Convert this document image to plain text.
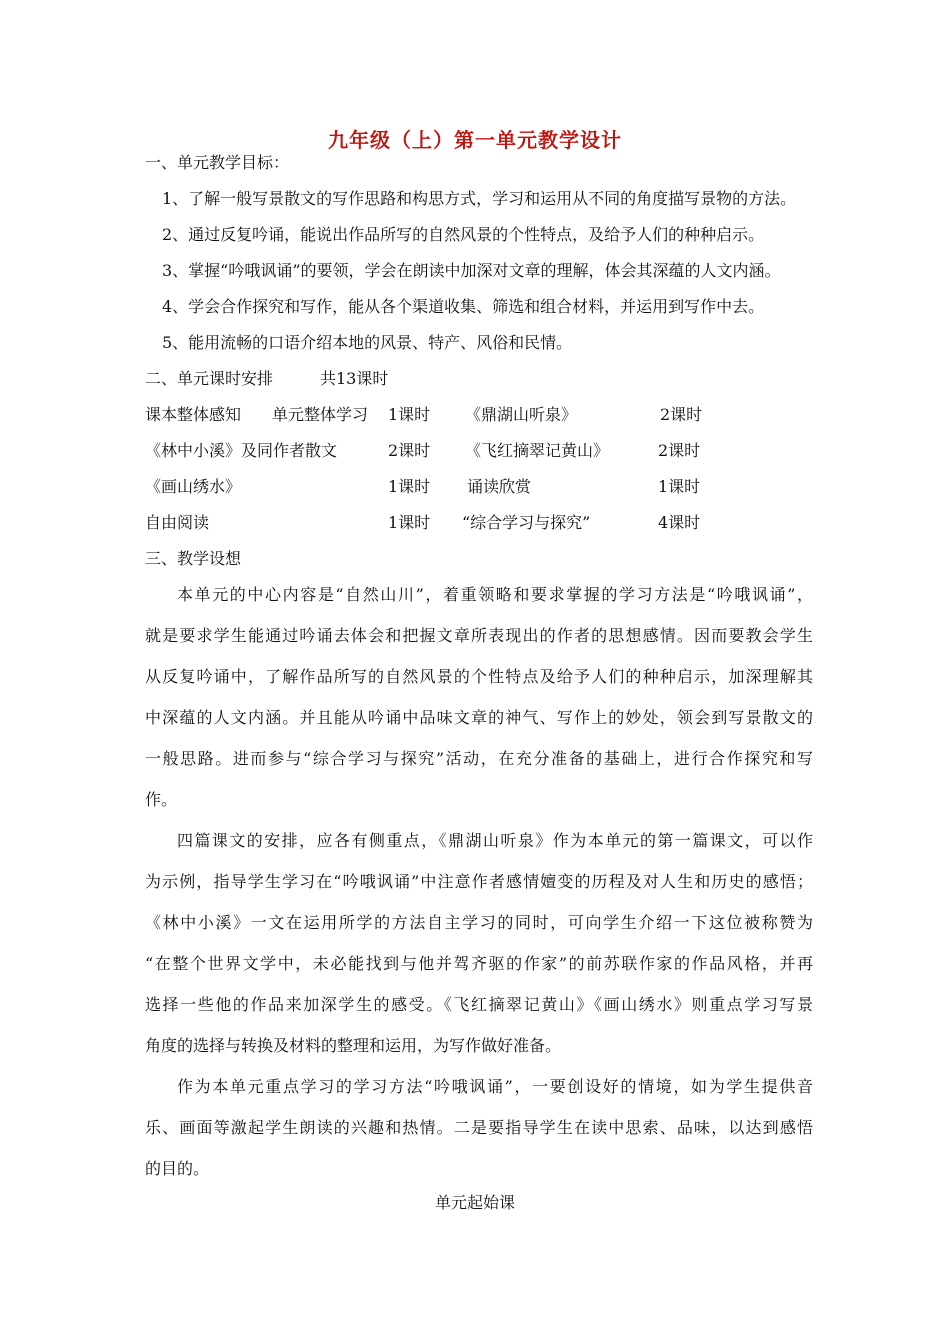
九年级（上）第一单元教学设计
一、单元教学目标：
1、了解一般写景散文的写作思路和构思方式，学习和运用从不同的角度描写景物的方法。
2、通过反复吟诵，能说出作品所写的自然风景的个性特点，及给予人们的种种启示。
3、掌握“吟哦讽诵”的要领，学会在朗读中加深对文章的理解，体会其深蕴的人文内涵。
4、学会合作探究和写作，能从各个渠道收集、筛选和组合材料，并运用到写作中去。
5、能用流畅的口语介绍本地的风景、特产、风俗和民情。
二、单元课时安排	共13课时
课本整体感知 单元整体学习 1课时 《鼎湖山听泉》	2课时
《林中小溪》及同作者散文	2课时 《飞红摘翠记黄山》	2课时
《画山绣水》	1课时 诵读欣赏	1课时
自由阅读	1课时 “综合学习与探究”	4课时
三、教学设想
本单元的中心内容是“自然山川”，着重领略和要求掌握的学习方法是“吟哦讽诵”，
就是要求学生能通过吟诵去体会和把握文章所表现出的作者的思想感情。因而要教会学生
从反复吟诵中，了解作品所写的自然风景的个性特点及给予人们的种种启示，加深理解其
中深蕴的人文内涵。并且能从吟诵中品味文章的神气、写作上的妙处，领会到写景散文的
一般思路。进而参与“综合学习与探究”活动，在充分准备的基础上，进行合作探究和写
作。
四篇课文的安排，应各有侧重点，《鼎湖山听泉》作为本单元的第一篇课文，可以作
为示例，指导学生学习在“吟哦讽诵”中注意作者感情嬗变的历程及对人生和历史的感悟；
《林中小溪》一文在运用所学的方法自主学习的同时，可向学生介绍一下这位被称赞为
“在整个世界文学中，未必能找到与他并驾齐驱的作家”的前苏联作家的作品风格，并再
选择一些他的作品来加深学生的感受。《飞红摘翠记黄山》《画山绣水》则重点学习写景
角度的选择与转换及材料的整理和运用，为写作做好准备。
作为本单元重点学习的学习方法“吟哦讽诵”，一要创设好的情境，如为学生提供音
乐、画面等激起学生朗读的兴趣和热情。二是要指导学生在读中思索、品味，以达到感悟
的目的。
单元起始课
